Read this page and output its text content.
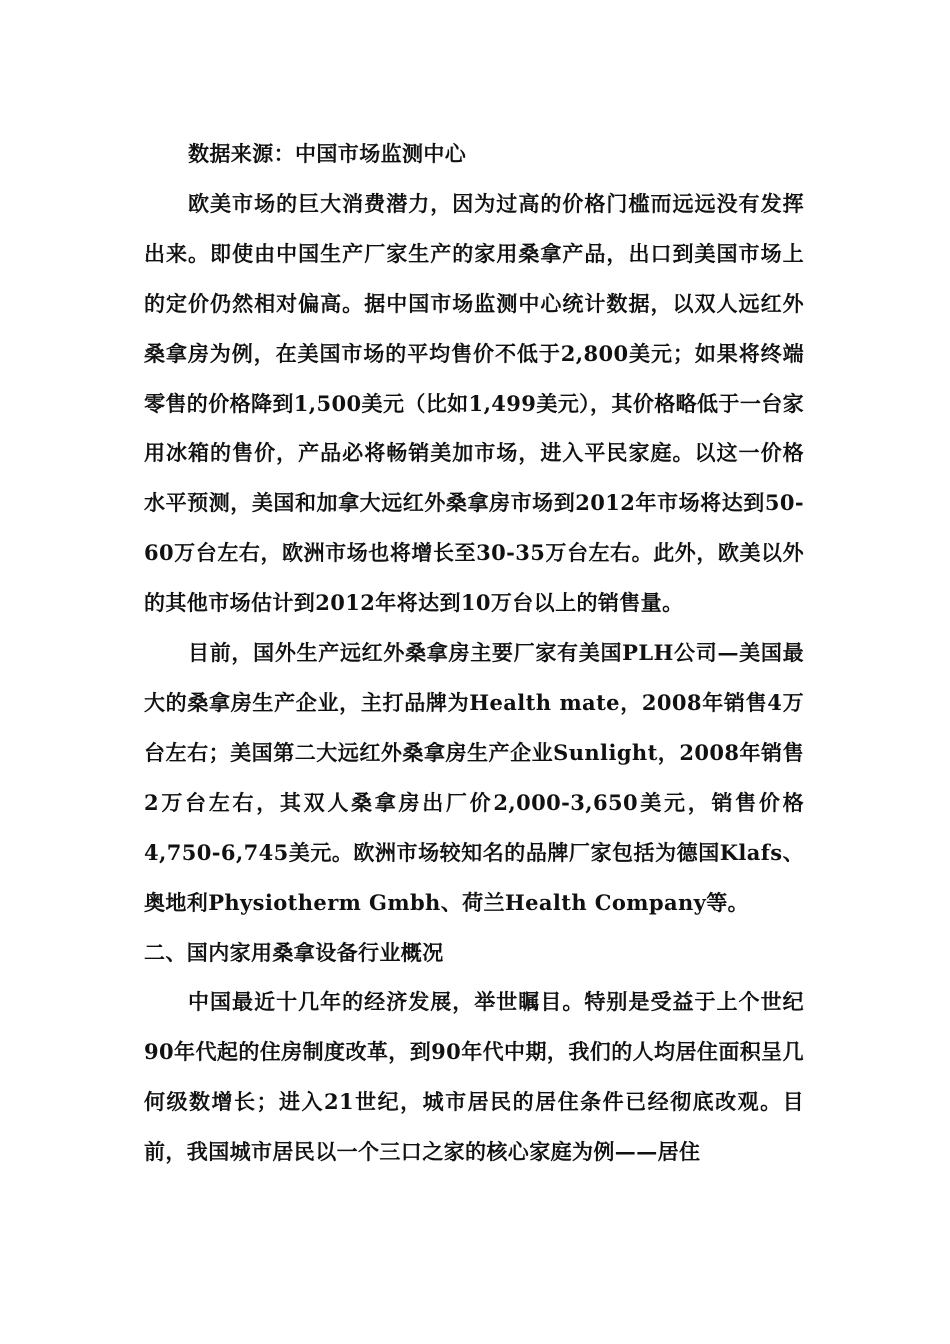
数据来源：中国市场监测中心

欧美市场的巨大消费潜力，因为过高的价格门槛而远远没有发挥出来。即使由中国生产厂家生产的家用桑拿产品，出口到美国市场上的定价仍然相对偏高。据中国市场监测中心统计数据，以双人远红外桑拿房为例，在美国市场的平均售价不低于2,800美元；如果将终端零售的价格降到1,500美元（比如1,499美元），其价格略低于一台家用冰箱的售价，产品必将畅销美加市场，进入平民家庭。以这一价格水平预测，美国和加拿大远红外桑拿房市场到2012年市场将达到50-60万台左右，欧洲市场也将增长至30-35万台左右。此外，欧美以外的其他市场估计到2012年将达到10万台以上的销售量。

目前，国外生产远红外桑拿房主要厂家有美国PLH公司—美国最大的桑拿房生产企业，主打品牌为Health mate，2008年销售4万台左右；美国第二大远红外桑拿房生产企业Sunlight，2008年销售2万台左右，其双人桑拿房出厂价2,000-3,650美元，销售价格4,750-6,745美元。欧洲市场较知名的品牌厂家包括为德国Klafs、奥地利Physiotherm Gmbh、荷兰Health Company等。

二、国内家用桑拿设备行业概况

中国最近十几年的经济发展，举世瞩目。特别是受益于上个世纪90年代起的住房制度改革，到90年代中期，我们的人均居住面积呈几何级数增长；进入21世纪，城市居民的居住条件已经彻底改观。目前，我国城市居民以一个三口之家的核心家庭为例——居住
